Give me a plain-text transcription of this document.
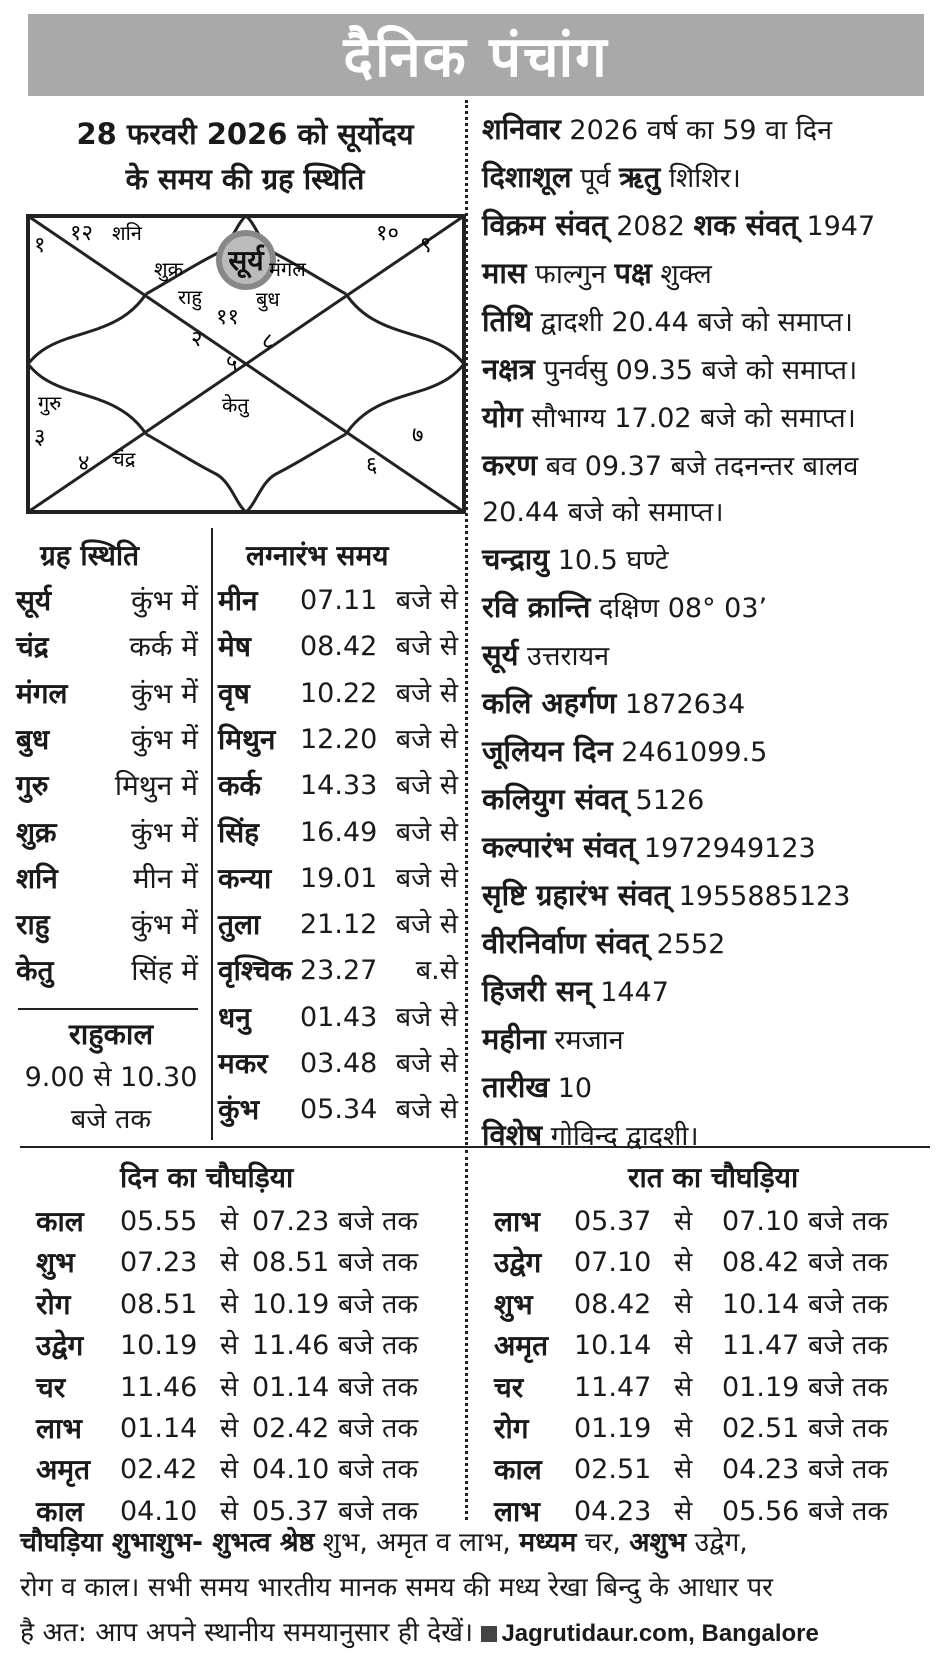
दैनिक पंचांग
28 फरवरी 2026 को सूर्योदय
के समय की ग्रह स्थिति
सूर्य
१२	१०
१	९
२	८
११
५
३	७
४	६
शनि
शुक्र	मंगल
राहु	बुध
केतु
गुरु
चंद्र
शनिवार 2026 वर्ष का 59 वा दिन
दिशाशूल पूर्व ऋतु शिशिर।
विक्रम संवत् 2082 शक संवत् 1947
मास फाल्गुन पक्ष शुक्ल
तिथि द्वादशी 20.44 बजे को समाप्त।
नक्षत्र पुनर्वसु 09.35 बजे को समाप्त।
योग सौभाग्य 17.02 बजे को समाप्त।
करण बव 09.37 बजे तदनन्तर बालव
20.44 बजे को समाप्त।
चन्द्रायु 10.5 घण्टे
रवि क्रान्ति दक्षिण 08° 03’
सूर्य उत्तरायन
कलि अहर्गण 1872634
जूलियन दिन 2461099.5
कलियुग संवत् 5126
कल्पारंभ संवत् 1972949123
सृष्टि ग्रहारंभ संवत् 1955885123
वीरनिर्वाण संवत् 2552
हिजरी सन् 1447
महीना रमजान
तारीख 10
विशेष गोविन्द द्वादशी।
ग्रह स्थिति
सूर्य	कुंभ में
चंद्र	कर्क में
मंगल कुंभ में
बुध	कुंभ में
गुरु मिथुन में
शुक्र	कुंभ में
शनि	मीन में
राहु	कुंभ में
केतु	सिंह में
राहुकाल
9.00 से 10.30
बजे तक
लग्नारंभ समय
मीन 07.11 बजे से
मेष 08.42 बजे से
वृष 10.22 बजे से
मिथुन 12.20 बजे से
कर्क 14.33 बजे से
सिंह 16.49 बजे से
कन्या 19.01 बजे से
तुला 21.12 बजे से
वृश्चिक 23.27 ब.से
धनु 01.43 बजे से
मकर 03.48 बजे से
कुंभ 05.34 बजे से
दिन का चौघड़िया	रात का चौघड़िया
काल 05.55 से 07.23 बजे तक
शुभ 07.23 से 08.51 बजे तक
रोग 08.51 से 10.19 बजे तक
उद्वेग 10.19 से 11.46 बजे तक
चर 11.46 से 01.14 बजे तक
लाभ 01.14 से 02.42 बजे तक
अमृत 02.42 से 04.10 बजे तक
काल 04.10 से 05.37 बजे तक
लाभ 05.37 से 07.10 बजे तक
उद्वेग 07.10 से 08.42 बजे तक
शुभ 08.42 से 10.14 बजे तक
अमृत 10.14 से 11.47 बजे तक
चर 11.47 से 01.19 बजे तक
रोग 01.19 से 02.51 बजे तक
काल 02.51 से 04.23 बजे तक
लाभ 04.23 से 05.56 बजे तक
चौघड़िया शुभाशुभ- शुभत्व श्रेष्ठ शुभ, अमृत व लाभ, मध्यम चर, अशुभ उद्वेग,
रोग व काल। सभी समय भारतीय मानक समय की मध्य रेखा बिन्दु के आधार पर
है अत: आप अपने स्थानीय समयानुसार ही देखें। Jagrutidaur.com, Bangalore
